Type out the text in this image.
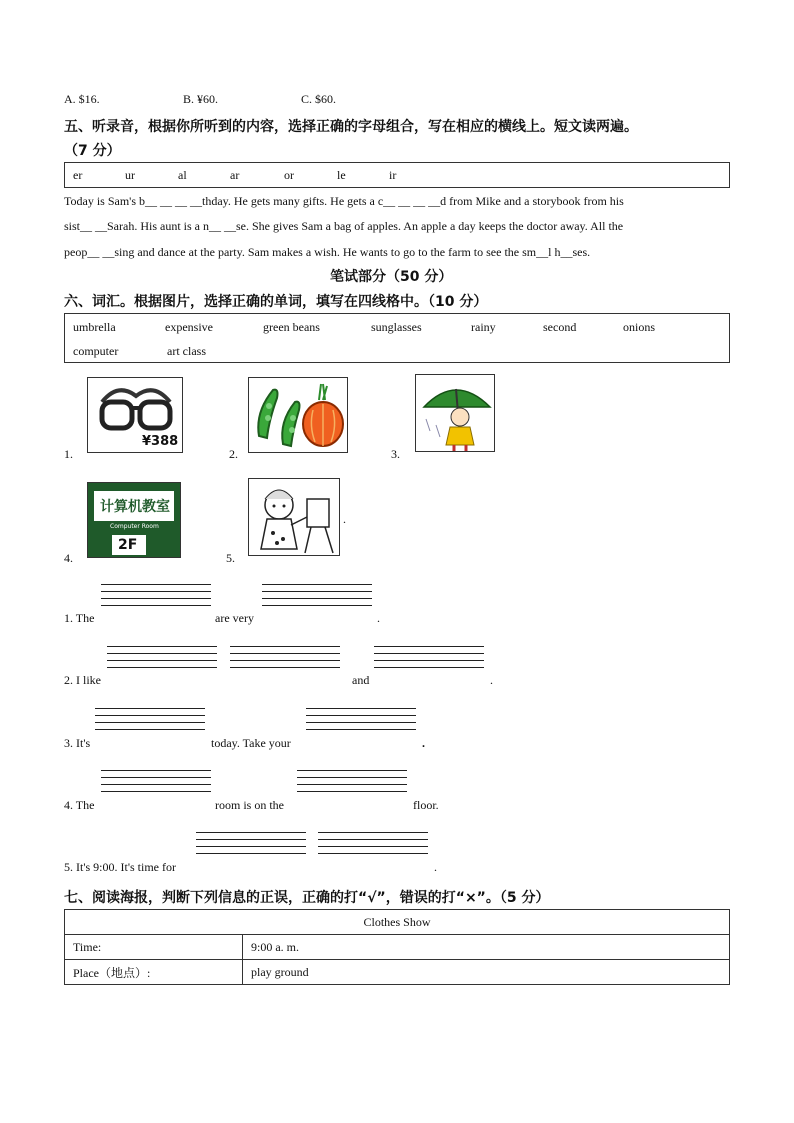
A. $16.	B. ¥60.	C. $60.
五、听录音，根据你所听到的内容，选择正确的字母组合，写在相应的横线上。短文读两遍。
（7 分）
er	ur	al	ar	or	le	ir
Today is Sam's b__ __ __ __thday. He gets many gifts. He gets a c__ __ __ __d from Mike and a storybook from his
sist__ __Sarah. His aunt is a n__ __se. She gives Sam a bag of apples. An apple a day keeps the doctor away. All the
peop__ __sing and dance at the party. Sam makes a wish. He wants to go to the farm to see the sm__l h__ses.
笔试部分（50 分）
六、词汇。根据图片，选择正确的单词，填写在四线格中。（10 分）
umbrella	expensive	green beans	sunglasses	rainy	second	onions
computer	art class
1.
¥388
2.	3.
4.
计算机教室
Computer Room
2F
5.
.
1. The	are very	.
2. I like	and	.
3. It's	today. Take your	.
4. The	room is on the	floor.
5. It's 9:00. It's time for	.
七、阅读海报，判断下列信息的正误，正确的打“√”，错误的打“×”。（5 分）
Clothes Show	
Time:	9:00 a. m.
Place（地点）:	play ground
